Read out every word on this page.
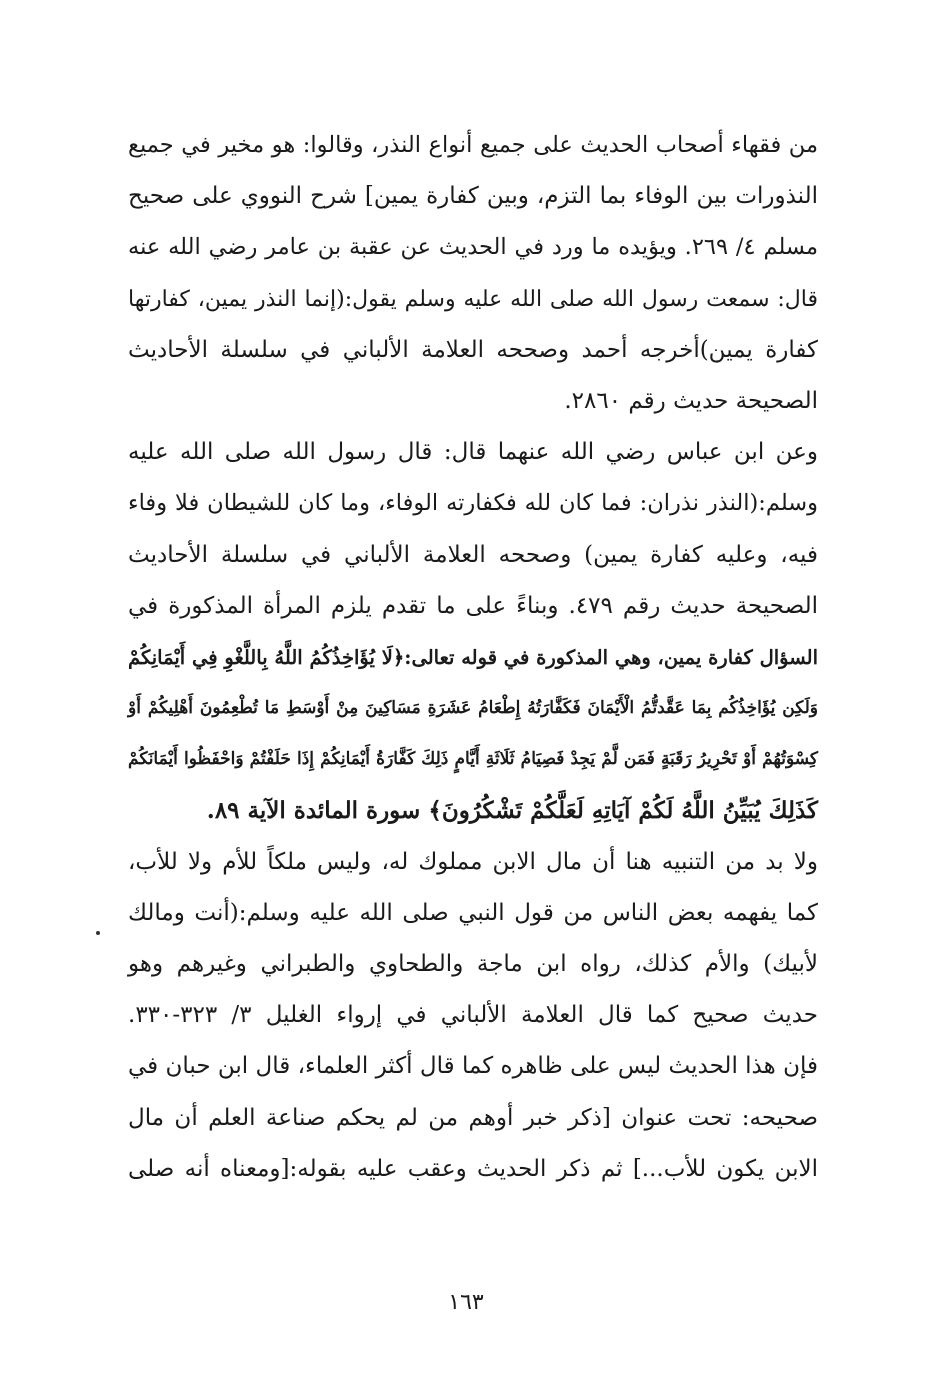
من فقهاء أصحاب الحديث على جميع أنواع النذر، وقالوا: هو مخير في جميع
النذورات بين الوفاء بما التزم، وبين كفارة يمين] شرح النووي على صحيح
مسلم ٤/ ٢٦٩. ويؤيده ما ورد في الحديث عن عقبة بن عامر رضي الله عنه
قال: سمعت رسول الله صلى الله عليه وسلم يقول:(إنما النذر يمين، كفارتها
كفارة يمين)أخرجه أحمد وصححه العلامة الألباني في سلسلة الأحاديث
الصحيحة حديث رقم ٢٨٦٠.
وعن ابن عباس رضي الله عنهما قال: قال رسول الله صلى الله عليه
وسلم:(النذر نذران: فما كان لله فكفارته الوفاء، وما كان للشيطان فلا وفاء
فيه، وعليه كفارة يمين) وصححه العلامة الألباني في سلسلة الأحاديث
الصحيحة حديث رقم ٤٧٩. وبناءً على ما تقدم يلزم المرأة المذكورة في
السؤال كفارة يمين، وهي المذكورة في قوله تعالى:﴿لَا يُؤَاخِذُكُمُ اللَّهُ بِاللَّغْوِ فِي أَيْمَانِكُمْ
وَلَكِن يُؤَاخِذُكُم بِمَا عَقَّدتُّمُ الْأَيْمَانَ فَكَفَّارَتُهُ إِطْعَامُ عَشَرَةِ مَسَاكِينَ مِنْ أَوْسَطِ مَا تُطْعِمُونَ أَهْلِيكُمْ أَوْ
كِسْوَتُهُمْ أَوْ تَحْرِيرُ رَقَبَةٍ فَمَن لَّمْ يَجِدْ فَصِيَامُ ثَلَاثَةِ أَيَّامٍ ذَلِكَ كَفَّارَةُ أَيْمَانِكُمْ إِذَا حَلَفْتُمْ وَاحْفَظُوا أَيْمَانَكُمْ
كَذَلِكَ يُبَيِّنُ اللَّهُ لَكُمْ آيَاتِهِ لَعَلَّكُمْ تَشْكُرُونَ﴾ سورة المائدة الآية ٨٩.
ولا بد من التنبيه هنا أن مال الابن مملوك له، وليس ملكاً للأم ولا للأب،
كما يفهمه بعض الناس من قول النبي صلى الله عليه وسلم:(أنت ومالك
لأبيك) والأم كذلك، رواه ابن ماجة والطحاوي والطبراني وغيرهم وهو
حديث صحيح كما قال العلامة الألباني في إرواء الغليل ٣/ ٣٢٣-٣٣٠.
فإن هذا الحديث ليس على ظاهره كما قال أكثر العلماء، قال ابن حبان في
صحيحه: تحت عنوان [ذكر خبر أوهم من لم يحكم صناعة العلم أن مال
الابن يكون للأب...] ثم ذكر الحديث وعقب عليه بقوله:[ومعناه أنه صلى
١٦٣
